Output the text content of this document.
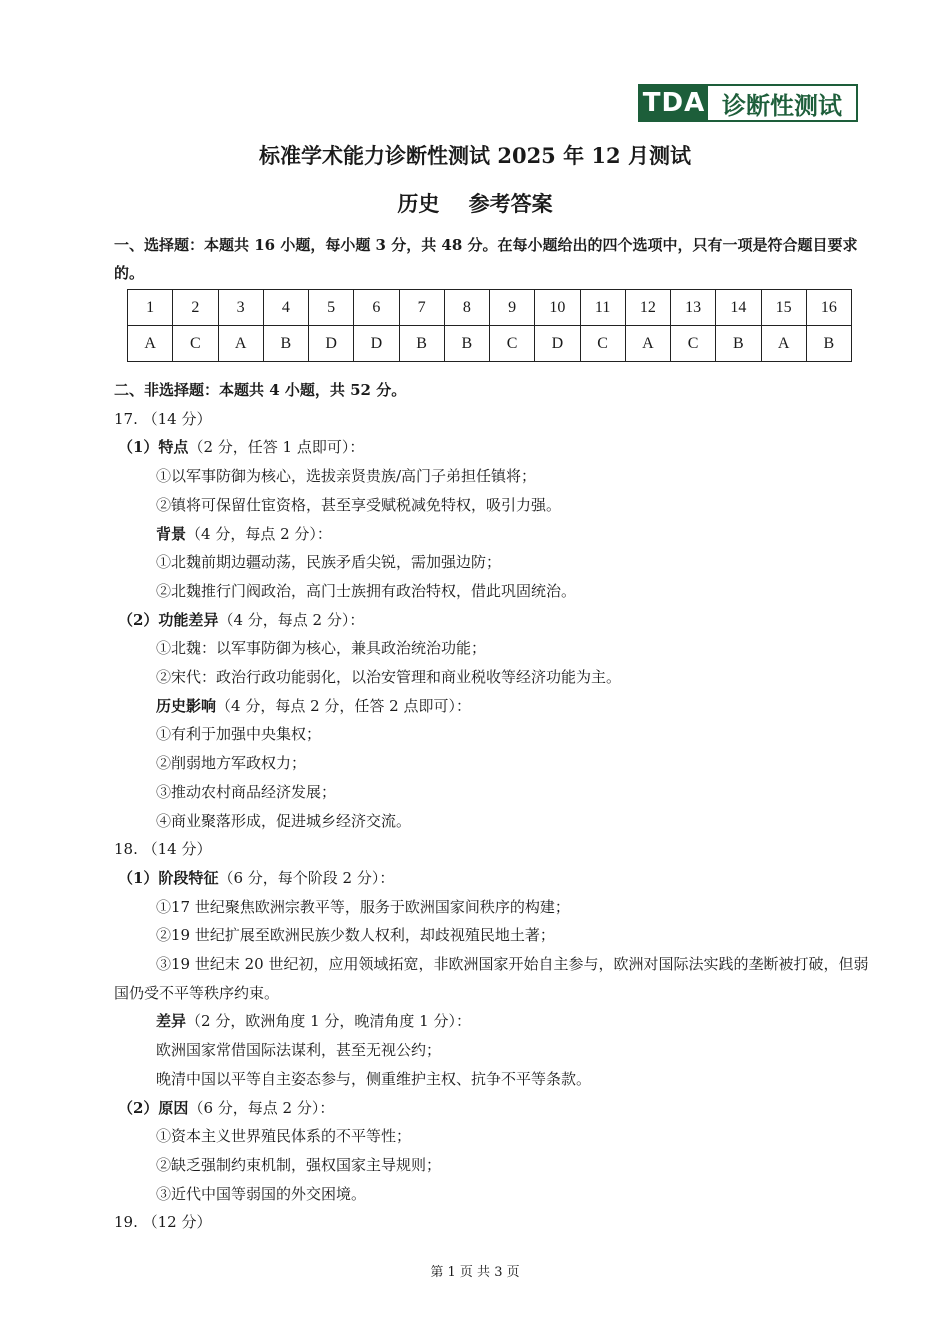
TDA 诊断性测试
标准学术能力诊断性测试 2025 年 12 月测试
历史    参考答案
一、选择题：本题共 16 小题，每小题 3 分，共 48 分。在每小题给出的四个选项中，只有一项是符合题目要求的。
1	2	3	4	5	6	7	8	9	10	11	12	13	14	15	16
A	C	A	B	D	D	B	B	C	D	C	A	C	B	A	B
二、非选择题：本题共 4 小题，共 52 分。
17. （14 分）
（1）特点（2 分，任答 1 点即可）：
①以军事防御为核心，选拔亲贤贵族/高门子弟担任镇将；
②镇将可保留仕宦资格，甚至享受赋税减免特权，吸引力强。
背景（4 分，每点 2 分）：
①北魏前期边疆动荡，民族矛盾尖锐，需加强边防；
②北魏推行门阀政治，高门士族拥有政治特权，借此巩固统治。
（2）功能差异（4 分，每点 2 分）：
①北魏：以军事防御为核心，兼具政治统治功能；
②宋代：政治行政功能弱化，以治安管理和商业税收等经济功能为主。
历史影响（4 分，每点 2 分，任答 2 点即可）：
①有利于加强中央集权；
②削弱地方军政权力；
③推动农村商品经济发展；
④商业聚落形成，促进城乡经济交流。
18. （14 分）
（1）阶段特征（6 分，每个阶段 2 分）：
①17 世纪聚焦欧洲宗教平等，服务于欧洲国家间秩序的构建；
②19 世纪扩展至欧洲民族少数人权利，却歧视殖民地土著；
③19 世纪末 20 世纪初，应用领域拓宽，非欧洲国家开始自主参与，欧洲对国际法实践的垄断被打破，但弱国仍受不平等秩序约束。
差异（2 分，欧洲角度 1 分，晚清角度 1 分）：
欧洲国家常借国际法谋利，甚至无视公约；
晚清中国以平等自主姿态参与，侧重维护主权、抗争不平等条款。
（2）原因（6 分，每点 2 分）：
①资本主义世界殖民体系的不平等性；
②缺乏强制约束机制，强权国家主导规则；
③近代中国等弱国的外交困境。
19. （12 分）
第 1 页 共 3 页
